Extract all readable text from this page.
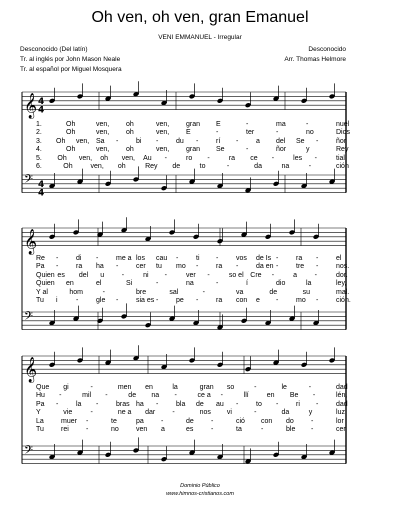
Oh ven, oh ven, gran Emanuel
VENI EMMANUEL - Irregular
Desconocido (Del latín)
Tr. al inglés por John Mason Neale
Tr. al español por Miguel Mosquera
Desconocido
Arr. Thomas Helmore
𝄞 4
4
𝄢 4
4
𝄞
𝄢
𝄞
𝄢
1.	Oh	ven, oh	ven, gran E	-	ma	-	nuel
2.	Oh	ven, oh	ven, E	-	ter	-	no	Dios
3. Oh ven, Sa -	bi -	du -	rí -	a del Se -	ñor
4.	Oh	ven, oh	ven, gran Se	-	ñor	y	Rey
5. Oh ven, oh ven, Au -	ro -	ra ce -	les -	tial
6.	Oh	ven, oh	Rey de	to	-	da	na	-	ción
Re -	di -	me a los cau -	ti -	vos de Is -	ra -	el
Pa -	ra ha -	cer tu mo -	ra -	da en -	tre -	nos.
Quien es del u	-	ni -	ver -	so el Cre -	a	-	dor.
Quien en	el	Si	-	na	-	í	dio	la	ley,
Y al	hom	-	bre	sal	-	va	de	su	mal.
Tu i	-	gle -	sia es -	pe -	ra con e -	mo -	ción.
Que gi	-	men en	la	gran so	-	le	-	dad
Hu -	mil -	de na -	ce a -	llí	en Be -	lén,
Pa -	la -	bras ha -	bla de au -	to -	ri -	dad
Y	vie	-	ne a dar -	nos vi	-	da	y	luz,
La muer -	te	pa -	de -	ció con do -	lor
Tu rei -	no ven a	es	-	ta	-	ble -	cer
Dominio Público
www.himnos-cristianos.com
